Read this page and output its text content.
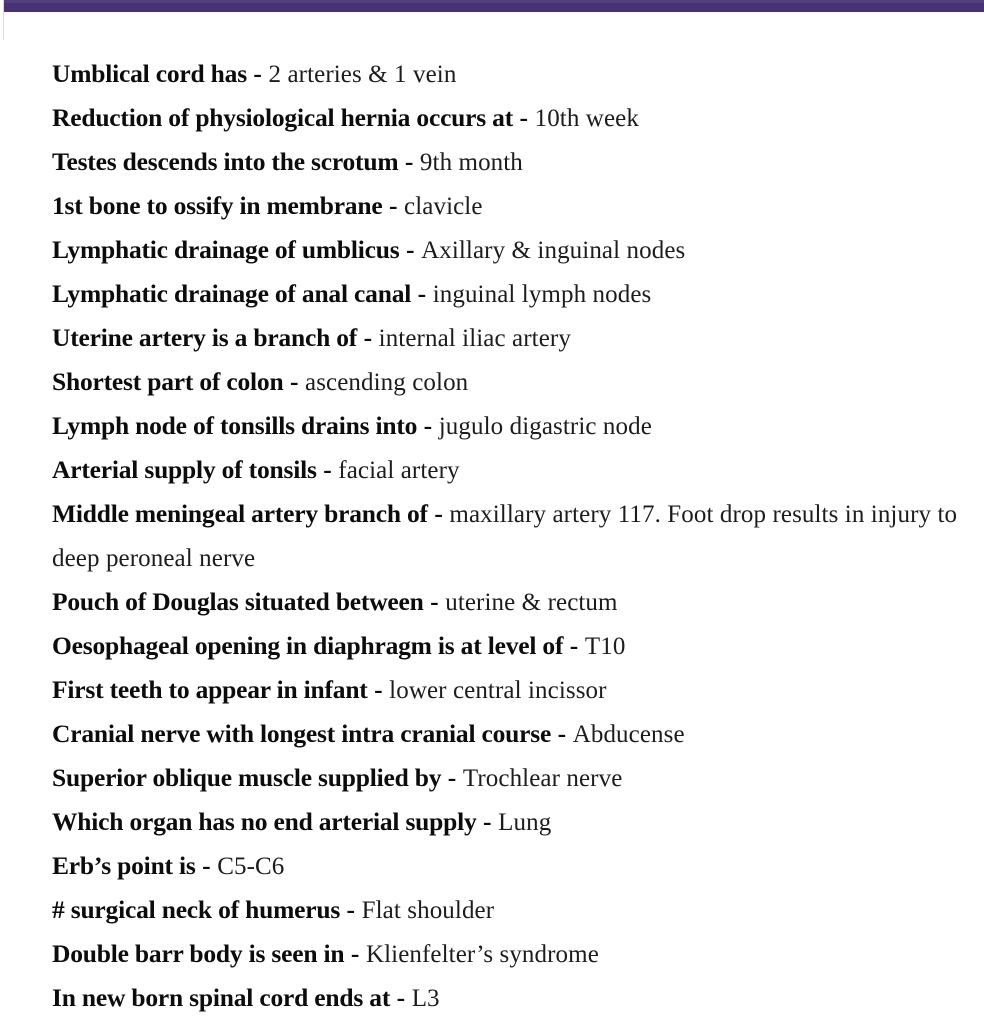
Umblical cord has - 2 arteries & 1 vein

Reduction of physiological hernia occurs at - 10th week

Testes descends into the scrotum - 9th month

1st bone to ossify in membrane - clavicle

Lymphatic drainage of umblicus - Axillary & inguinal nodes

Lymphatic drainage of anal canal - inguinal lymph nodes

Uterine artery is a branch of - internal iliac artery

Shortest part of colon - ascending colon

Lymph node of tonsills drains into - jugulo digastric node

Arterial supply of tonsils - facial artery

Middle meningeal artery branch of - maxillary artery 117. Foot drop results in injury to deep peroneal nerve

Pouch of Douglas situated between - uterine & rectum

Oesophageal opening in diaphragm is at level of - T10

First teeth to appear in infant - lower central incissor

Cranial nerve with longest intra cranial course - Abducense

Superior oblique muscle supplied by - Trochlear nerve

Which organ has no end arterial supply - Lung

Erb’s point is - C5-C6

# surgical neck of humerus - Flat shoulder

Double barr body is seen in - Klienfelter’s syndrome

In new born spinal cord ends at - L3
